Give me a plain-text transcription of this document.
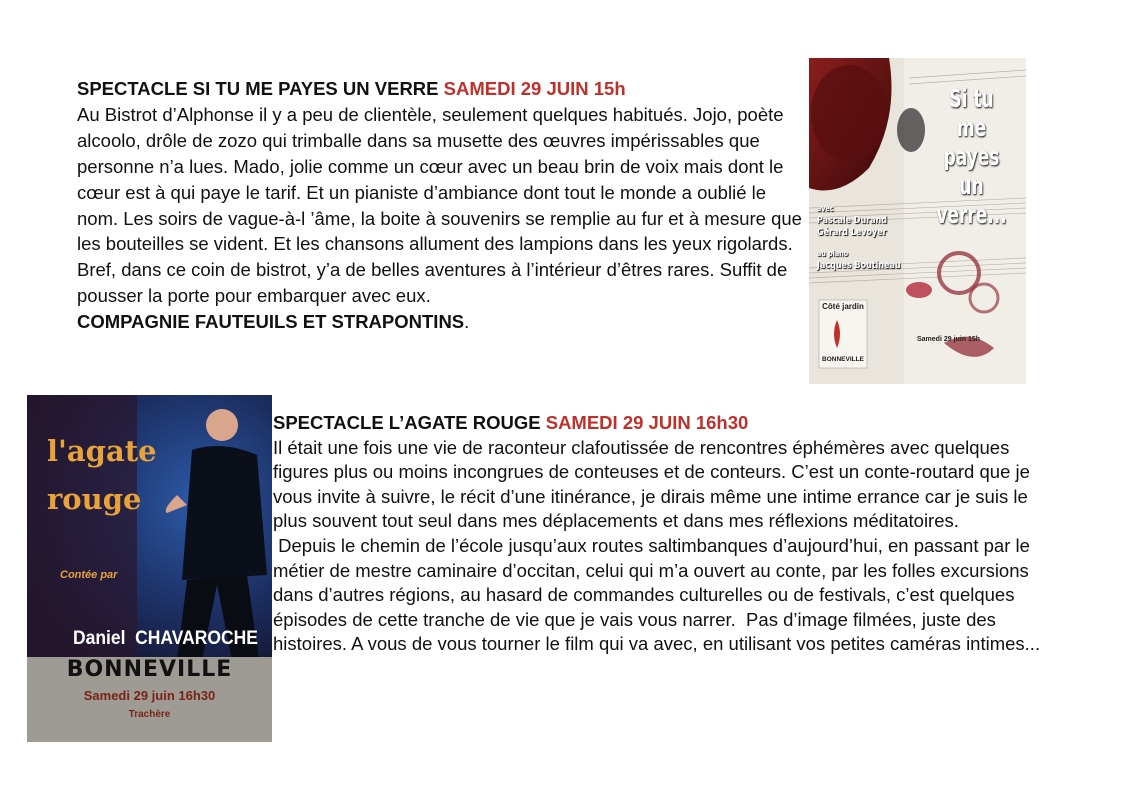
SPECTACLE SI TU ME PAYES UN VERRE SAMEDI 29 JUIN 15h

Au Bistrot d’Alphonse il y a peu de clientèle, seulement quelques habitués. Jojo, poète alcoolo, drôle de zozo qui trimballe dans sa musette des œuvres impérissables que personne n’a lues. Mado, jolie comme un cœur avec un beau brin de voix mais dont le cœur est à qui paye le tarif. Et un pianiste d’ambiance dont tout le monde a oublié le nom. Les soirs de vague-à-l ’âme, la boite à souvenirs se remplie au fur et à mesure que les bouteilles se vident. Et les chansons allument des lampions dans les yeux rigolards. Bref, dans ce coin de bistrot, y’a de belles aventures à l’intérieur d’êtres rares. Suffit de pousser la porte pour embarquer avec eux.

COMPAGNIE FAUTEUILS ET STRAPONTINS.

Si tu
me payes
un verre...
avec
Pascale Durand
Gérard Levoyer
au piano
Jacques Boutineau
Côté jardin
BONNEVILLE
Samedi 29 juin 15h
l'agate
rouge
Contée par
Daniel  CHAVAROCHE
BONNEVILLE
Samedi 29 juin 16h30
Trachère

SPECTACLE L’AGATE ROUGE SAMEDI 29 JUIN 16h30

Il était une fois une vie de raconteur clafoutissée de rencontres éphémères avec quelques figures plus ou moins incongrues de conteuses et de conteurs. C’est un conte-routard que je vous invite à suivre, le récit d’une itinérance, je dirais même une intime errance car je suis le plus souvent tout seul dans mes déplacements et dans mes réflexions méditatoires.

Depuis le chemin de l’école jusqu’aux routes saltimbanques d’aujourd’hui, en passant par le métier de mestre caminaire d’occitan, celui qui m’a ouvert au conte, par les folles excursions dans d’autres régions, au hasard de commandes culturelles ou de festivals, c’est quelques épisodes de cette tranche de vie que je vais vous narrer.  Pas d’image filmées, juste des histoires. A vous de vous tourner le film qui va avec, en utilisant vos petites caméras intimes...
